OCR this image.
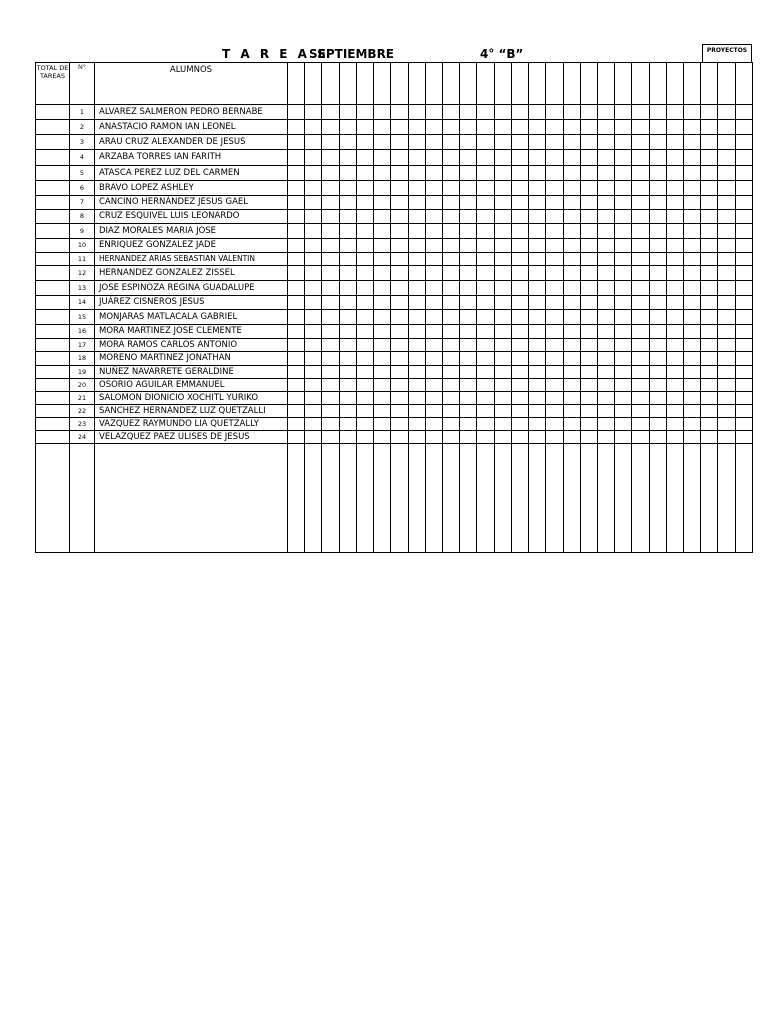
T A R E A S
SEPTIEMBRE	4° “B”	PROYECTOS
TOTAL DE TAREAS	N°	ALUMNOS																											
	1	ALVAREZ SALMERON PEDRO BERNABE																											
	2	ANASTACIO RAMON IAN LEONEL																											
	3	ARAU CRUZ ALEXANDER DE JESUS																											
	4	ARZABA TORRES IAN FARITH																											
	5	ATASCA PEREZ LUZ DEL CARMEN																											
	6	BRAVO LOPEZ ASHLEY																											
	7	CANCINO HERNÁNDEZ JESUS GAEL																											
	8	CRUZ ESQUIVEL LUIS LEONARDO																											
	9	DIAZ MORALES MARIA JOSE																											
	10	ENRIQUEZ GONZALEZ JADE																											
	11	HERNANDEZ ARIAS SEBASTIAN VALENTIN																											
	12	HERNANDEZ GONZALEZ ZISSEL																											
	13	JOSE ESPINOZA REGINA GUADALUPE																											
	14	JUÁREZ CISNEROS JESUS																											
	15	MONJARAS MATLACALA GABRIEL																											
	16	MORA MARTINEZ JOSE CLEMENTE																											
	17	MORA RAMOS CARLOS ANTONIO																											
	18	MORENO MARTINEZ JONATHAN																											
	19	NUÑEZ NAVARRETE GERALDINE																											
	20	OSORIO AGUILAR EMMANUEL																											
	21	SALOMON DIONICIO XOCHITL YURIKO																											
	22	SANCHEZ HERNÁNDEZ LUZ QUETZALLI																											
	23	VAZQUEZ RAYMUNDO LIA QUETZALLY																											
	24	VELAZQUEZ PAEZ ULISES DE JESUS																											
